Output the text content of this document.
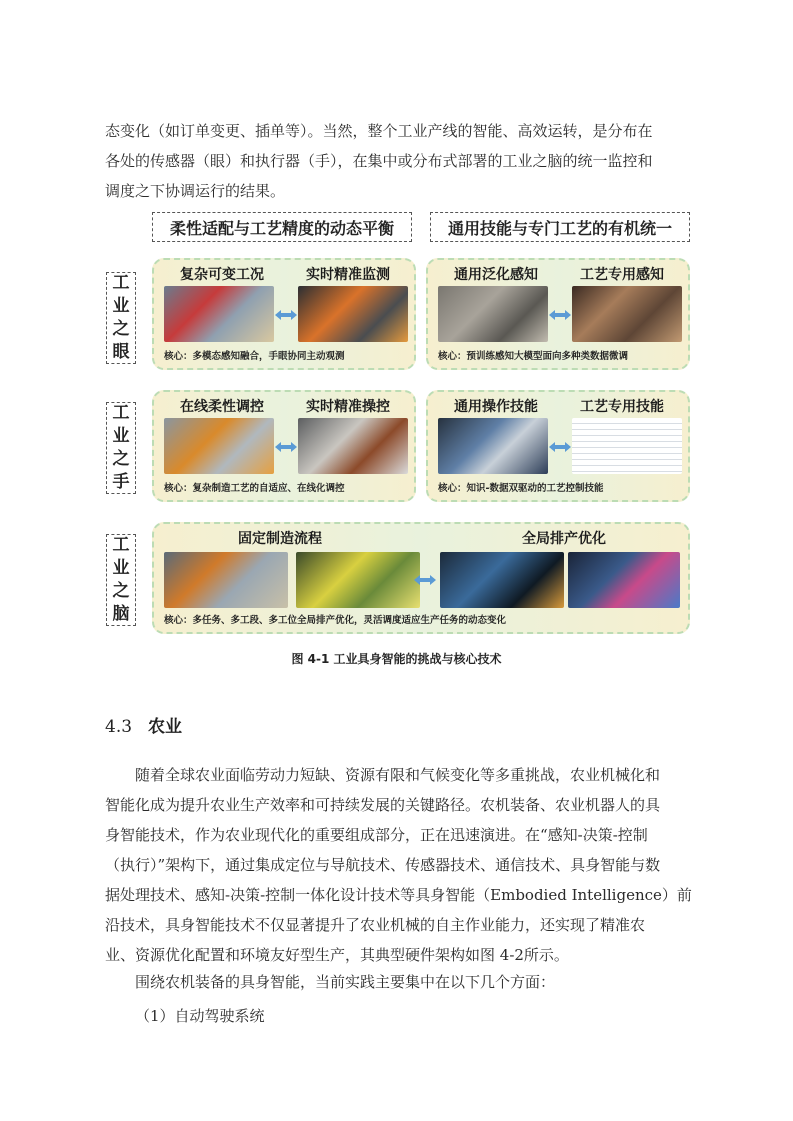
态变化（如订单变更、插单等）。当然，整个工业产线的智能、高效运转，是分布在
各处的传感器（眼）和执行器（手），在集中或分布式部署的工业之脑的统一监控和
调度之下协调运行的结果。
柔性适配与工艺精度的动态平衡	通用技能与专门工艺的有机统一
工
业
之
眼
复杂可变工况	实时精准监测
核心：多模态感知融合，手眼协同主动观测
通用泛化感知	工艺专用感知
核心：预训练感知大模型面向多种类数据微调
工
业
之
手
在线柔性调控	实时精准操控
核心：复杂制造工艺的自适应、在线化调控
通用操作技能	工艺专用技能
核心：知识-数据双驱动的工艺控制技能
工
业
之
脑
固定制造流程	全局排产优化
核心：多任务、多工段、多工位全局排产优化，灵活调度适应生产任务的动态变化
图 4-1 工业具身智能的挑战与核心技术
4.3 农业
随着全球农业面临劳动力短缺、资源有限和气候变化等多重挑战，农业机械化和
智能化成为提升农业生产效率和可持续发展的关键路径。农机装备、农业机器人的具
身智能技术，作为农业现代化的重要组成部分，正在迅速演进。在“感知-决策-控制
（执行）”架构下，通过集成定位与导航技术、传感器技术、通信技术、具身智能与数
据处理技术、感知-决策-控制一体化设计技术等具身智能（Embodied Intelligence）前
沿技术，具身智能技术不仅显著提升了农业机械的自主作业能力，还实现了精准农
业、资源优化配置和环境友好型生产，其典型硬件架构如图 4-2所示。
围绕农机装备的具身智能，当前实践主要集中在以下几个方面：
（1）自动驾驶系统
